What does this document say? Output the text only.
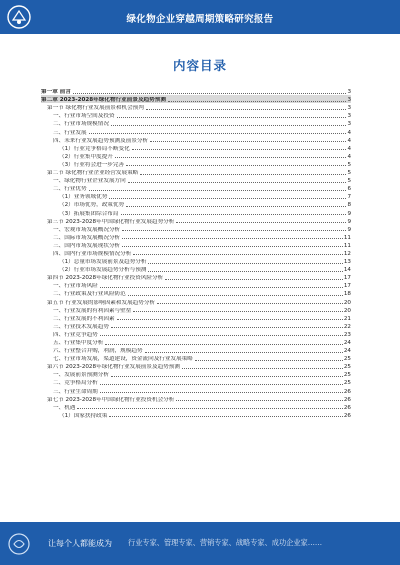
绿化物企业穿越周期策略研究报告
内容目录
第一章 前言	3
第二章 2023-2028年绿化物行业前景及趋势预测	3
第一节 绿化物行业发展前景和机会预判	3
一、行业市场空间及投资	3
二、行业市场规模情况	3
三、行业发展	4
四、未来行业发展趋势预测及前景分析	4
（1）行业竞争格局不断变化	4
（2）行业集中度提升	4
（3）行业将会进一步完善	5
第二节 绿化物行业企业经营发展策略	5
一、绿化物行业企业发展方向	5
二、行业优势	6
（1）业务领域优势	7
（2）市场优势，政策优势	8
（3）拓展集团综合布局	9
第三节 2023-2028年中国绿化物行业发展趋势分析	9
一、宏观市场发展概况分析	9
二、国际市场发展概况分析	11
三、国内市场发展现状分析	11
四、国内行业市场规模情况分析	12
（1）总量市场发展前景及趋势分析	13
（2）行业市场发展趋势分析与预测	14
第四节 2023-2028年绿化物行业投资风险分析	17
一、行业市场风险	17
二、行业政策及行业风险防范	18
第五节 行业发展的影响因素和发展趋势分析	20
一、行业发展的有利因素与壁垒	20
二、行业发展的不利因素	21
三、行业技术发展趋势	22
四、行业竞争趋势	23
五、行业集中度分析	24
六、行业整合并购，利润，规模趋势	24
七、行业市场发展，渠道建设，资金流向及行业发展策略	25
第六节 2023-2028年绿化物行业发展前景及趋势预测	25
一、发展前景预测分析	25
二、竞争格局分析	25
三、行业生命周期	26
第七节 2023-2028年中国绿化物行业投资机会分析	26
一、机遇	26
（1）国家扶持政策	26
让每个人都能成为 行业专家、管理专家、营销专家、战略专家、成功企业家……
